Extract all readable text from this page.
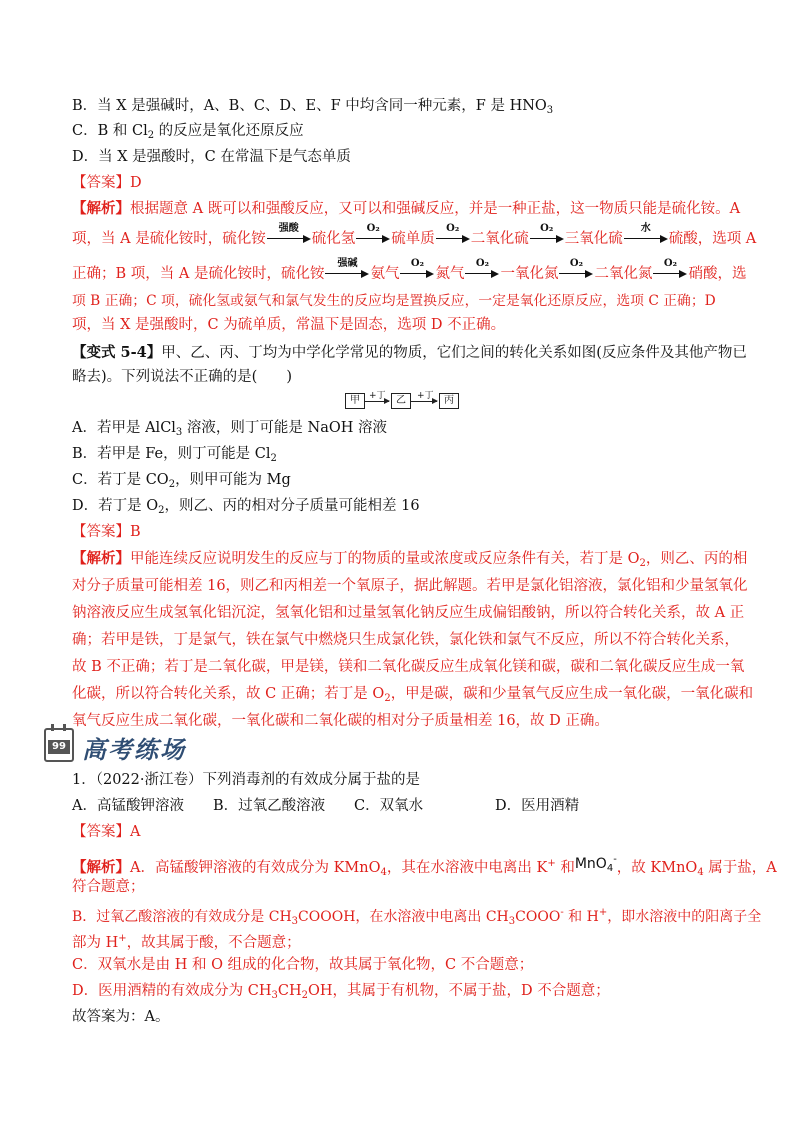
B．当 X 是强碱时，A、B、C、D、E、F 中均含同一种元素，F 是 $HNO_3$
C．B 和 $Cl_2$ 的反应是氧化还原反应
D．当 X 是强酸时，C 在常温下是气态单质
【答案】D
【解析】根据题意 A 既可以和强酸反应，又可以和强碱反应，并是一种正盐，这一物质只能是硫化铵。A
项，当 A 是硫化铵时，硫化铵
强酸
硫化氢
O₂
硫单质
O₂
二氧化硫
O₂
三氧化硫
水
硫酸，选项 A
正确；B 项，当 A 是硫化铵时，硫化铵
强碱
氨气
O₂
氮气
O₂
一氧化氮
O₂
二氧化氮
O₂
硝酸，选
项 B 正确；C 项，硫化氢或氨气和氯气发生的反应均是置换反应，一定是氧化还原反应，选项 C 正确；D
项，当 X 是强酸时，C 为硫单质，常温下是固态，选项 D 不正确。
【变式 5-4】甲、乙、丙、丁均为中学化学常见的物质，它们之间的转化关系如图(反应条件及其他产物已
略去)。下列说法不正确的是(　　)
甲	+丁	乙	+丁	丙
A．若甲是 AlCl$_3$ 溶液，则丁可能是 NaOH 溶液
B．若甲是 Fe，则丁可能是 $Cl_2$
C．若丁是 $CO_2$，则甲可能为 Mg
D．若丁是 $O_2$，则乙、丙的相对分子质量可能相差 16
【答案】B
【解析】甲能连续反应说明发生的反应与丁的物质的量或浓度或反应条件有关，若丁是 $O_2$，则乙、丙的相
对分子质量可能相差 16，则乙和丙相差一个氧原子，据此解题。若甲是氯化铝溶液，氯化铝和少量氢氧化
钠溶液反应生成氢氧化铝沉淀，氢氧化铝和过量氢氧化钠反应生成偏铝酸钠，所以符合转化关系，故 A 正
确；若甲是铁，丁是氯气，铁在氯气中燃烧只生成氯化铁，氯化铁和氯气不反应，所以不符合转化关系，
故 B 不正确；若丁是二氧化碳，甲是镁，镁和二氧化碳反应生成氧化镁和碳，碳和二氧化碳反应生成一氧
化碳，所以符合转化关系，故 C 正确；若丁是 $O_2$，甲是碳，碳和少量氧气反应生成一氧化碳，一氧化碳和
氧气反应生成二氧化碳，一氧化碳和二氧化碳的相对分子质量相差 16，故 D 正确。
99 高考练场
1．（2022·浙江卷）下列消毒剂的有效成分属于盐的是
A．高锰酸钾溶液 B．过氧乙酸溶液 C．双氧水	D．医用酒精
【答案】A
【解析】A．高锰酸钾溶液的有效成分为 KMnO$_4$，其在水溶液中电离出 K+ 和MnO$_4$-，故 KMnO$_4$ 属于盐，A
符合题意；
B．过氧乙酸溶液的有效成分是 $CH_3COOOH$，在水溶液中电离出 $CH_3COOO^-$ 和 H+，即水溶液中的阳离子全
部为 H+，故其属于酸，不合题意；
C．双氧水是由 H 和 O 组成的化合物，故其属于氧化物，C 不合题意；
D．医用酒精的有效成分为 $CH_3CH_2OH$，其属于有机物，不属于盐，D 不合题意；
故答案为：A。
